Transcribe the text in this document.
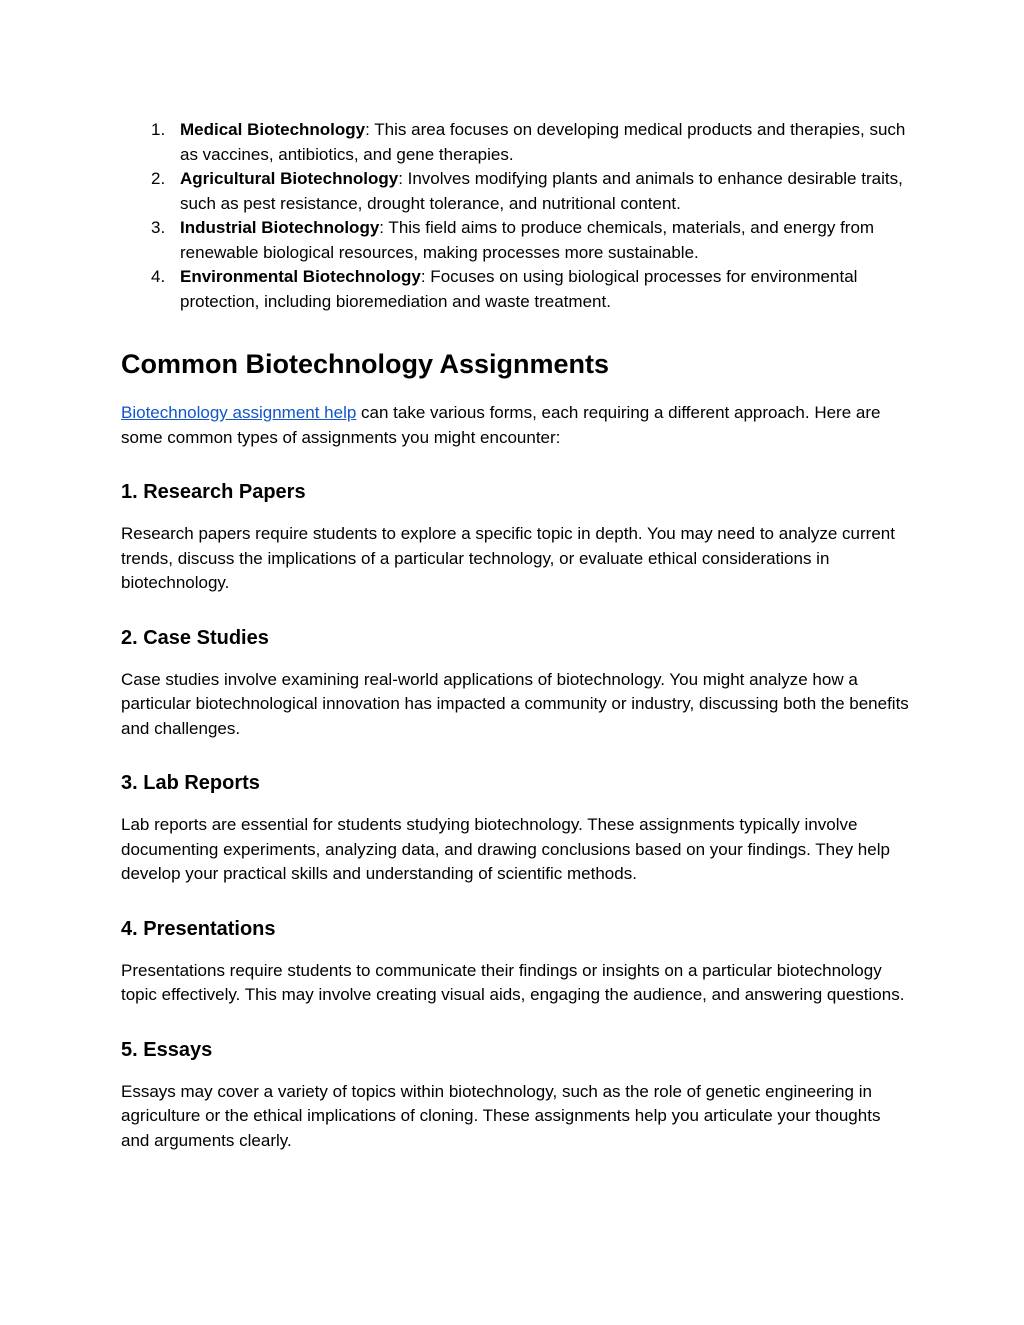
1. Medical Biotechnology: This area focuses on developing medical products and therapies, such as vaccines, antibiotics, and gene therapies.
2. Agricultural Biotechnology: Involves modifying plants and animals to enhance desirable traits, such as pest resistance, drought tolerance, and nutritional content.
3. Industrial Biotechnology: This field aims to produce chemicals, materials, and energy from renewable biological resources, making processes more sustainable.
4. Environmental Biotechnology: Focuses on using biological processes for environmental protection, including bioremediation and waste treatment.
Common Biotechnology Assignments

Biotechnology assignment help can take various forms, each requiring a different approach. Here are some common types of assignments you might encounter:

1. Research Papers

Research papers require students to explore a specific topic in depth. You may need to analyze current trends, discuss the implications of a particular technology, or evaluate ethical considerations in biotechnology.

2. Case Studies

Case studies involve examining real-world applications of biotechnology. You might analyze how a particular biotechnological innovation has impacted a community or industry, discussing both the benefits and challenges.

3. Lab Reports

Lab reports are essential for students studying biotechnology. These assignments typically involve documenting experiments, analyzing data, and drawing conclusions based on your findings. They help develop your practical skills and understanding of scientific methods.

4. Presentations

Presentations require students to communicate their findings or insights on a particular biotechnology topic effectively. This may involve creating visual aids, engaging the audience, and answering questions.

5. Essays

Essays may cover a variety of topics within biotechnology, such as the role of genetic engineering in agriculture or the ethical implications of cloning. These assignments help you articulate your thoughts and arguments clearly.
